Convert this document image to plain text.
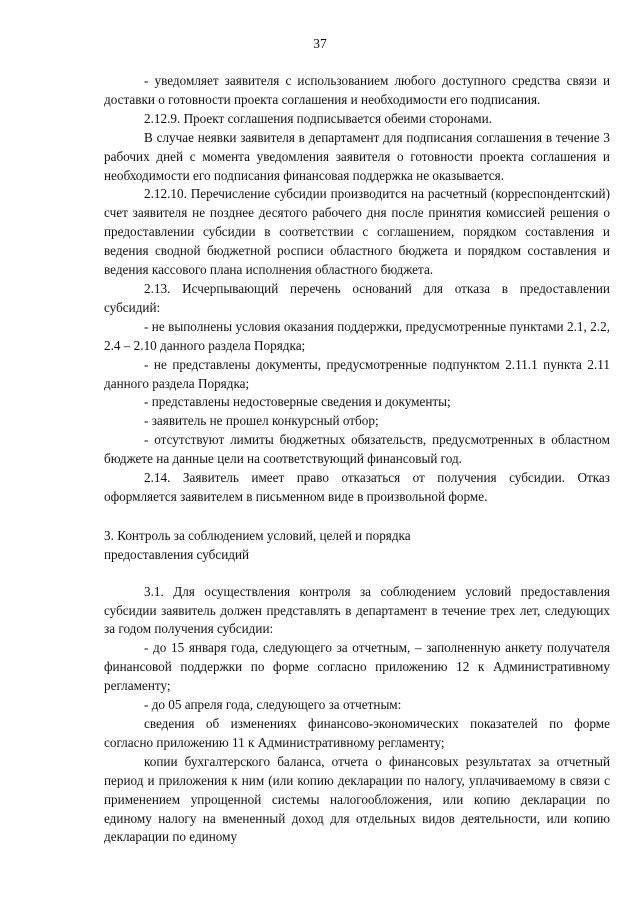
37

- уведомляет заявителя с использованием любого доступного средства связи и доставки о готовности проекта соглашения и необходимости его подписания.

2.12.9. Проект соглашения подписывается обеими сторонами.

В случае неявки заявителя в департамент для подписания соглашения в течение 3 рабочих дней с момента уведомления заявителя о готовности проекта соглашения и необходимости его подписания финансовая поддержка не оказывается.

2.12.10. Перечисление субсидии производится на расчетный (корреспондентский) счет заявителя не позднее десятого рабочего дня после принятия комиссией решения о предоставлении субсидии в соответствии с соглашением, порядком составления и ведения сводной бюджетной росписи областного бюджета и порядком составления и ведения кассового плана исполнения областного бюджета.

2.13. Исчерпывающий перечень оснований для отказа в предоставлении субсидий:

- не выполнены условия оказания поддержки, предусмотренные пунктами 2.1, 2.2, 2.4 – 2.10 данного раздела Порядка;

- не представлены документы, предусмотренные подпунктом 2.11.1 пункта 2.11 данного раздела Порядка;

- представлены недостоверные сведения и документы;

- заявитель не прошел конкурсный отбор;

- отсутствуют лимиты бюджетных обязательств, предусмотренных в областном бюджете на данные цели на соответствующий финансовый год.

2.14. Заявитель имеет право отказаться от получения субсидии. Отказ оформляется заявителем в письменном виде в произвольной форме.

3. Контроль за соблюдением условий, целей и порядка
предоставления субсидий

3.1. Для осуществления контроля за соблюдением условий предоставления субсидии заявитель должен представлять в департамент в течение трех лет, следующих за годом получения субсидии:

- до 15 января года, следующего за отчетным, – заполненную анкету получателя финансовой поддержки по форме согласно приложению 12 к Административному регламенту;

- до 05 апреля года, следующего за отчетным:

сведения об изменениях финансово-экономических показателей по форме согласно приложению 11 к Административному регламенту;

копии бухгалтерского баланса, отчета о финансовых результатах за отчетный период и приложения к ним (или копию декларации по налогу, уплачиваемому в связи с применением упрощенной системы налогообложения, или копию декларации по единому налогу на вмененный доход для отдельных видов деятельности, или копию декларации по единому
